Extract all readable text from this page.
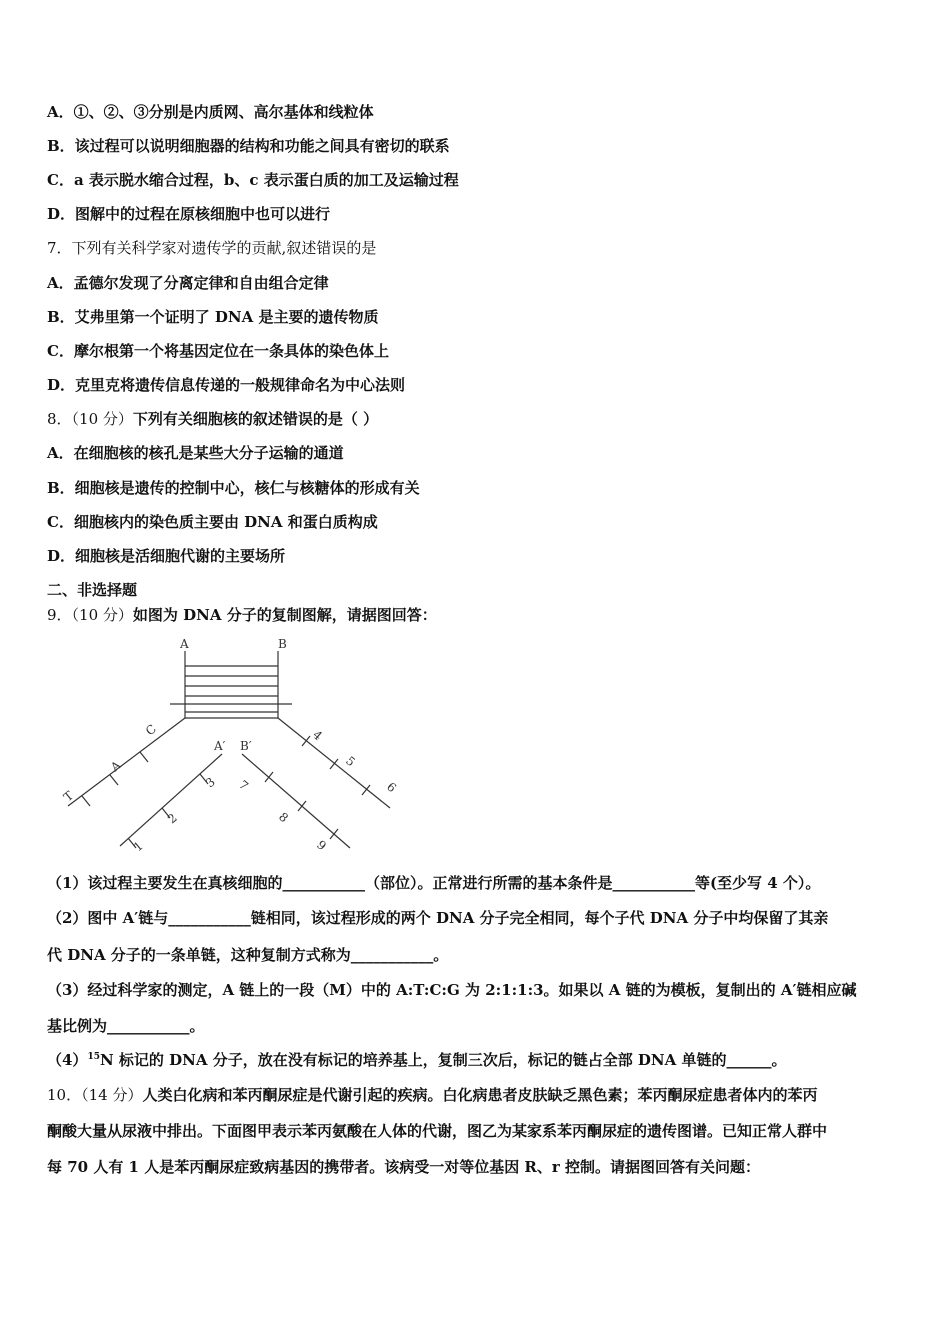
A．①、②、③分别是内质网、高尔基体和线粒体
B．该过程可以说明细胞器的结构和功能之间具有密切的联系
C．a 表示脱水缩合过程，b、c 表示蛋白质的加工及运输过程
D．图解中的过程在原核细胞中也可以进行
7．下列有关科学家对遗传学的贡献,叙述错误的是
A．孟德尔发现了分离定律和自由组合定律
B．艾弗里第一个证明了 DNA 是主要的遗传物质
C．摩尔根第一个将基因定位在一条具体的染色体上
D．克里克将遗传信息传递的一般规律命名为中心法则
8．（10 分）下列有关细胞核的叙述错误的是（ ）
A．在细胞核的核孔是某些大分子运输的通道
B．细胞核是遗传的控制中心，核仁与核糖体的形成有关
C．细胞核内的染色质主要由 DNA 和蛋白质构成
D．细胞核是活细胞代谢的主要场所
二、非选择题
9．（10 分）如图为 DNA 分子的复制图解，请据图回答：
A	B
A′ B′
C
A
T
3
2
1
4
5
6
7
8
9
（1）该过程主要发生在真核细胞的___________（部位）。正常进行所需的基本条件是___________等(至少写 4 个）。
（2）图中 A′链与___________链相同，该过程形成的两个 DNA 分子完全相同，每个子代 DNA 分子中均保留了其亲
代 DNA 分子的一条单链，这种复制方式称为___________。
（3）经过科学家的测定，A 链上的一段（M）中的 A:T:C:G 为 2:1:1:3。如果以 A 链的为模板，复制出的 A′链相应碱
基比例为___________。
$(4)^{15}N$ 标记的 DNA 分子，放在没有标记的培养基上，复制三次后，标记的链占全部 DNA 单链的______。
10．（14 分）人类白化病和苯丙酮尿症是代谢引起的疾病。白化病患者皮肤缺乏黑色素；苯丙酮尿症患者体内的苯丙
酮酸大量从尿液中排出。下面图甲表示苯丙氨酸在人体的代谢，图乙为某家系苯丙酮尿症的遗传图谱。已知正常人群中
每 70 人有 1 人是苯丙酮尿症致病基因的携带者。该病受一对等位基因 R、r 控制。请据图回答有关问题：
